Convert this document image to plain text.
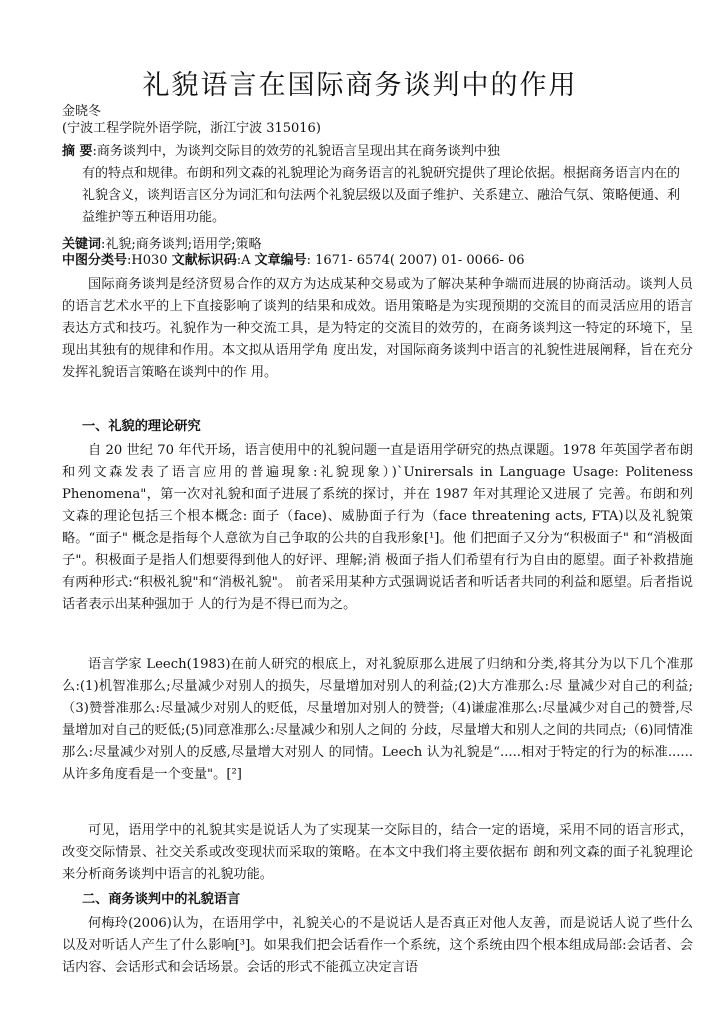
礼貌语言在国际商务谈判中的作用

金晓冬

(宁波工程学院外语学院，浙江宁波 315016)

摘 要:商务谈判中，为谈判交际目的效劳的礼貌语言呈现出其在商务谈判中独

有的特点和规律。布朗和列文森的礼貌理论为商务语言的礼貌研究提供了理论依据。根据商务语言内在的礼貌含义，谈判语言区分为词汇和句法两个礼貌层级以及面子维护、关系建立、融洽气氛、策略便通、利益维护等五种语用功能。

关键词:礼貌;商务谈判;语用学;策略

中图分类号:H030 文献标识码:A 文章编号: 1671- 6574( 2007) 01- 0066- 06

国际商务谈判是经济贸易合作的双方为达成某种交易或为了解决某种争端而进展的协商活动。谈判人员的语言艺术水平的上下直接影响了谈判的结果和成效。语用策略是为实现预期的交流目的而灵活应用的语言表达方式和技巧。礼貌作为一种交流工具，是为特定的交流目的效劳的，在商务谈判这一特定的环境下，呈现出其独有的规律和作用。本文拟从语用学角 度出发，对国际商务谈判中语言的礼貌性进展阐释，旨在充分发挥礼貌语言策略在谈判中的作 用。

一、礼貌的理论研究

自 20 世纪 70 年代开场，语言使用中的礼貌问题一直是语用学研究的热点课题。1978 年英国学者布朗和列文森发表了语言应用的普遍現象:礼貌现象）)`Unirersals in Language Usage: Politeness Phenomena"，第一次对礼貌和面子进展了系统的探讨，并在 1987 年对其理论又进展了 完善。布朗和列文森的理论包括三个根本概念: 面子（face)、威胁面子行为（face threatening acts, FTA)以及礼貌策略。“面子" 概念是指每个人意欲为自己争取的公共的自我形象[¹]。他 们把面子又分为“积极面子" 和“消极面子"。积极面子是指人们想要得到他人的好评、理解;消 极面子指人们希望有行为自由的愿望。面子补救措施有两种形式:“积极礼貌"和“消极礼貌"。 前者采用某种方式强调说话者和听话者共同的利益和愿望。后者指说话者表示出某种强加于 人的行为是不得已而为之。

语言学家 Leech(1983)在前人研究的根底上，对礼貌原那么进展了归纳和分类,将其分为以下几个准那么:(1)机智准那么;尽量减少对别人的损失，尽量增加对别人的利益;(2)大方准那么:尽 量减少对自己的利益;（3)赞誉准那么:尽量减少对别人的贬低，尽量增加对别人的赞誉;（4)谦虚准那么:尽量减少对自己的赞誉,尽量增加对自己的贬低;(5)同意准那么:尽量减少和别人之间的 分歧，尽量增大和别人之间的共同点;（6)同情准那么:尽量减少对别人的反感,尽量增大对别人 的同情。Leech 认为礼貌是“.....相对于特定的行为的标准......从许多角度看是一个变量"。[²]

可见，语用学中的礼貌其实是说话人为了实现某一交际目的，结合一定的语境，采用不同的语言形式，改变交际情景、社交关系或改变现状而采取的策略。在本文中我们将主要依据布 朗和列文森的面子礼貌理论来分析商务谈判中语言的礼貌功能。

二、商务谈判中的礼貌语言

何梅玲(2006)认为，在语用学中，礼貌关心的不是说话人是否真正对他人友善，而是说话人说了些什么以及对听话人产生了什么影响[³]。如果我们把会话看作一个系统，这个系统由四个根本组成局部:会话者、会话内容、会话形式和会话场景。会话的形式不能孤立决定言语
